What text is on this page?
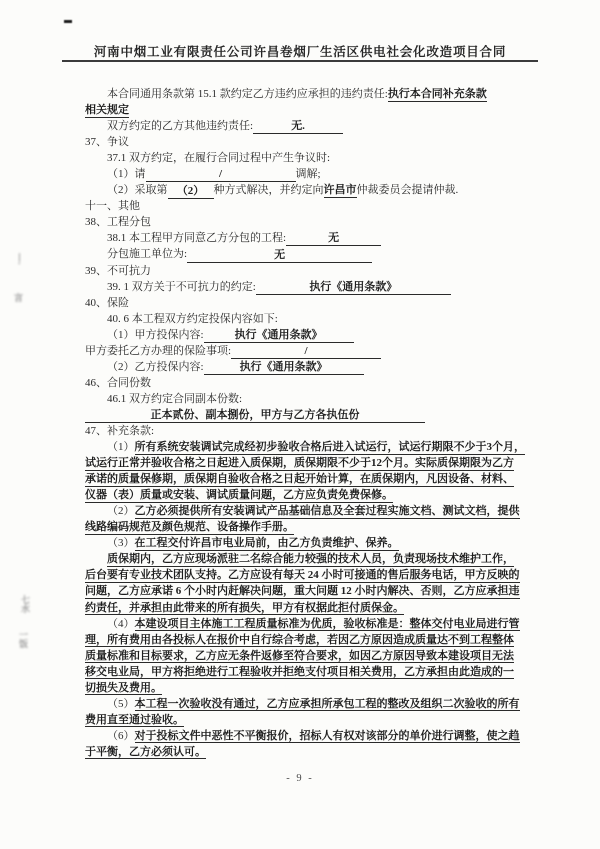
河南中烟工业有限责任公司许昌卷烟厂生活区供电社会化改造项目合同
本合同通用条款第 15.1 款约定乙方违约应承担的违约责任:执行本合同补充条款
相关规定
双方约定的乙方其他违约责任:	无.
37、争议
37.1 双方约定，在履行合同过程中产生争议时:
（1）请	/	调解;
（2）采取第 （2） 种方式解决，并约定向许昌市仲裁委员会提请仲裁.
十一、其他
38、工程分包
38.1 本工程甲方同意乙方分包的工程:	无
分包施工单位为:	无
39、不可抗力
39. 1 双方关于不可抗力的约定:	执行《通用条款》
40、保险
40. 6 本工程双方约定投保内容如下:
（1）甲方投保内容:	执行《通用条款》
甲方委托乙方办理的保险事项:	/
（2）乙方投保内容:	执行《通用条款》
46、合同份数
46.1 双方约定合同副本份数:
正本贰份、副本捌份，甲方与乙方各执伍份
47、补充条款:
（1）所有系统安装调试完成经初步验收合格后进入试运行，试运行期限不少于3个月，
试运行正常并验收合格之日起进入质保期，质保期限不少于12个月。实际质保期限为乙方
承诺的质量保修期，质保期自验收合格之日起开始计算，在质保期内，凡因设备、材料、
仪器（表）质量或安装、调试质量问题，乙方应负责免费保修。
（2）乙方必须提供所有安装调试产品基础信息及全套过程实施文档、测试文档，提供
线路编码规范及颜色规范、设备操作手册。
（3）在工程交付许昌市电业局前，由乙方负责维护、保养。
质保期内，乙方应现场派驻二名综合能力较强的技术人员，负责现场技术维护工作，
后台要有专业技术团队支持。乙方应设有每天 24 小时可接通的售后服务电话，甲方反映的
问题，乙方应承诺 6 个小时内赶解决问题，重大问题 12 小时内解决、否则，乙方应承担违
约责任，并承担由此带来的所有损失，甲方有权据此拒付质保金。
（4）本建设项目主体施工工程质量标准为优质，验收标准是：整体交付电业局进行管
理，所有费用由各投标人在报价中自行综合考虑，若因乙方原因造成质量达不到工程整体
质量标准和目标要求，乙方应无条件返修至符合要求，如因乙方原因导致本建设项目无法
移交电业局，甲方将拒绝进行工程验收并拒绝支付项目相关费用，乙方承担由此造成的一
切损失及费用。
（5）本工程一次验收没有通过，乙方应承担所承包工程的整改及组织二次验收的所有
费用直至通过验收。
（6）对于投标文件中恶性不平衡报价，招标人有权对该部分的单价进行调整，使之趋
于平衡，乙方必须认可。
- 9 -
丨·
言
七水
一饭
